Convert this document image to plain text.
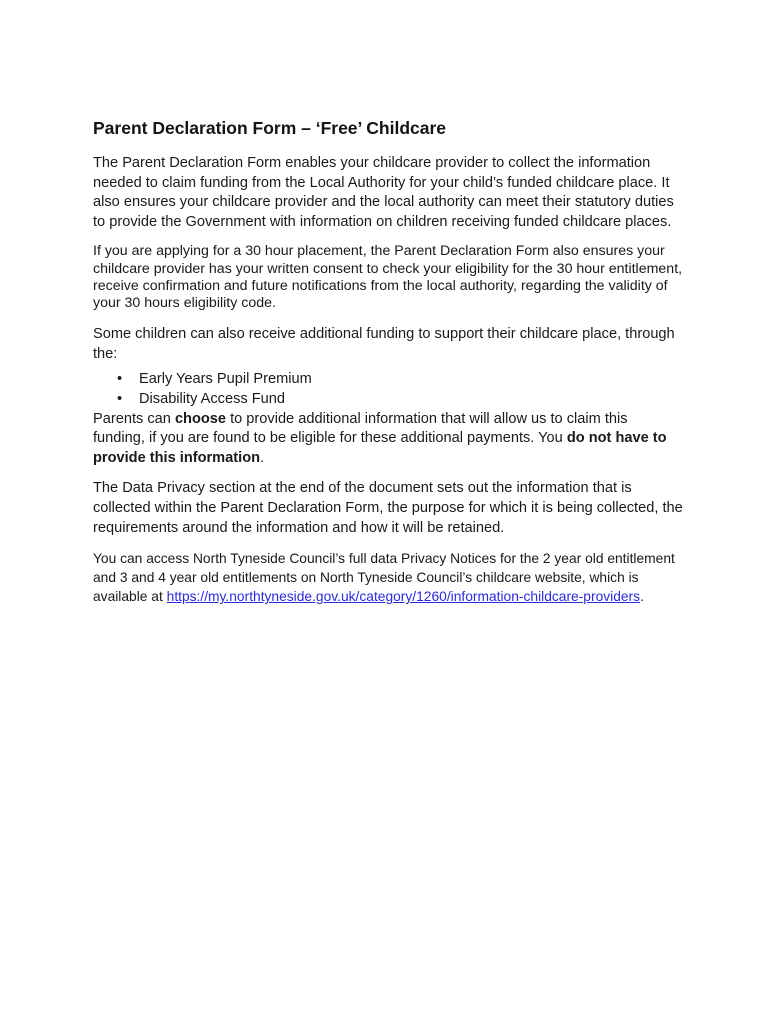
Parent Declaration Form – ‘Free’ Childcare

The Parent Declaration Form enables your childcare provider to collect the information needed to claim funding from the Local Authority for your child’s funded childcare place. It also ensures your childcare provider and the local authority can meet their statutory duties to provide the Government with information on children receiving funded childcare places.

If you are applying for a 30 hour placement, the Parent Declaration Form also ensures your childcare provider has your written consent to check your eligibility for the 30 hour entitlement, receive confirmation and future notifications from the local authority, regarding the validity of your 30 hours eligibility code.

Some children can also receive additional funding to support their childcare place, through the:

• Early Years Pupil Premium
• Disability Access Fund

Parents can choose to provide additional information that will allow us to claim this funding, if you are found to be eligible for these additional payments. You do not have to provide this information.

The Data Privacy section at the end of the document sets out the information that is collected within the Parent Declaration Form, the purpose for which it is being collected, the requirements around the information and how it will be retained.

You can access North Tyneside Council’s full data Privacy Notices for the 2 year old entitlement and 3 and 4 year old entitlements on North Tyneside Council’s childcare website, which is available at https://my.northtyneside.gov.uk/category/1260/information-childcare-providers.
